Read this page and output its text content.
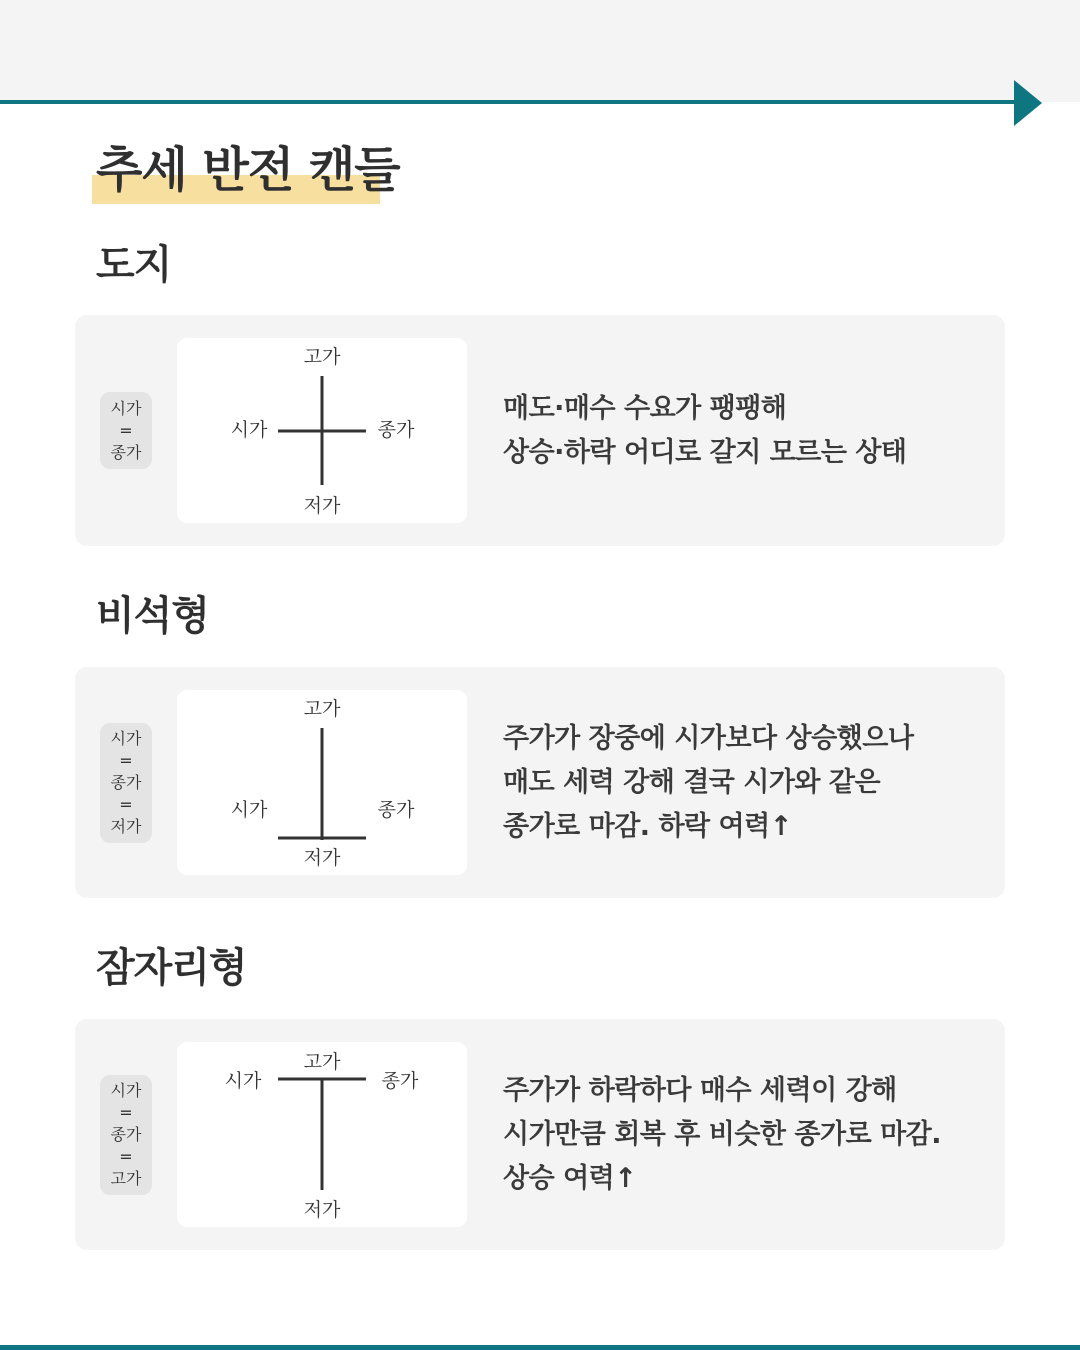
추세 반전 캔들
도지
시가
=
종가
고가
시가	종가
저가
매도·매수 수요가 팽팽해
상승·하락 어디로 갈지 모르는 상태
비석형
시가
=
종가
=
저가
고가
시가	종가
저가
주가가 장중에 시가보다 상승했으나
매도 세력 강해 결국 시가와 같은
종가로 마감. 하락 여력↑
잠자리형
시가
=
종가
=
고가
고가
시가	종가
저가
주가가 하락하다 매수 세력이 강해
시가만큼 회복 후 비슷한 종가로 마감.
상승 여력↑
